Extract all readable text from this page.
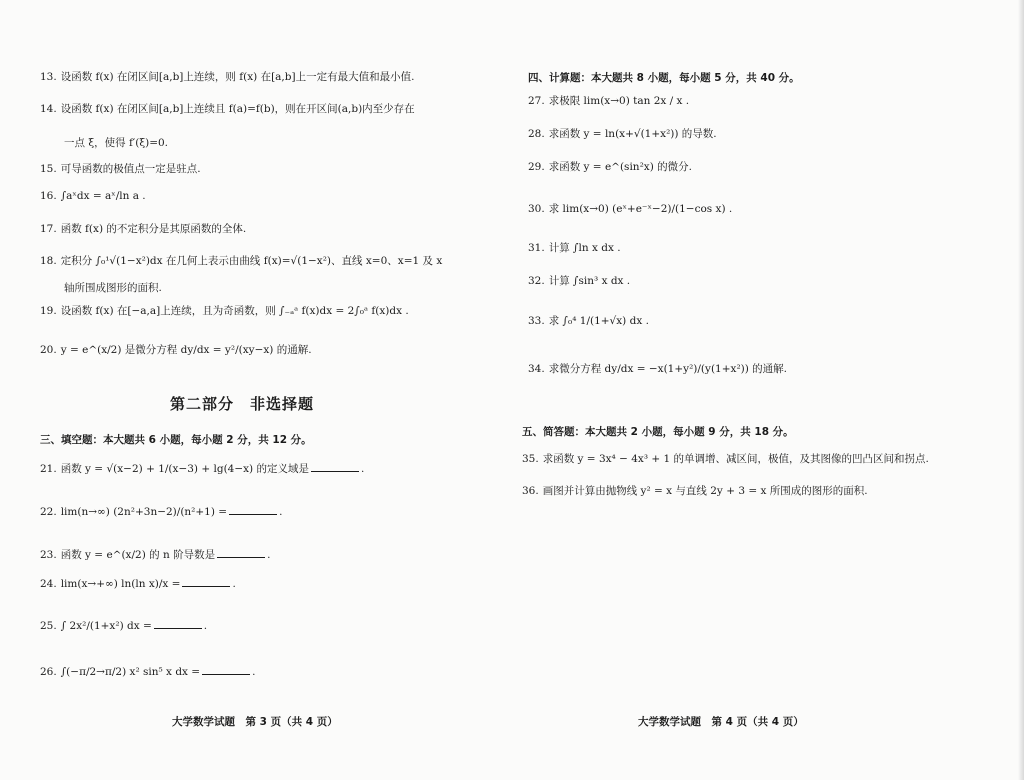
13. 设函数 f(x) 在闭区间[a,b]上连续，则 f(x) 在[a,b]上一定有最大值和最小值.
14. 设函数 f(x) 在闭区间[a,b]上连续且 f(a)=f(b)，则在开区间(a,b)内至少存在
一点 ξ，使得 f′(ξ)=0.
15. 可导函数的极值点一定是驻点.
16. ∫aˣdx = aˣ/ln a .
17. 函数 f(x) 的不定积分是其原函数的全体.
18. 定积分 ∫₀¹√(1−x²)dx 在几何上表示由曲线 f(x)=√(1−x²)、直线 x=0、x=1 及 x
轴所围成图形的面积.
19. 设函数 f(x) 在[−a,a]上连续，且为奇函数，则 ∫₋ₐᵃ f(x)dx = 2∫₀ᵃ f(x)dx .
20. y = e^(x/2) 是微分方程 dy/dx = y²/(xy−x) 的通解.
第二部分　非选择题
三、填空题：本大题共 6 小题，每小题 2 分，共 12 分。
21. 函数 y = √(x−2) + 1/(x−3) + lg(4−x) 的定义域是	.
22. lim(n→∞) (2n²+3n−2)/(n²+1) =	.
23. 函数 y = e^(x/2) 的 n 阶导数是	.
24. lim(x→+∞) ln(ln x)/x =	.
25. ∫ 2x²/(1+x²) dx =	.
26. ∫(−π/2→π/2) x² sin⁵ x dx =	.
大学数学试题　第 3 页（共 4 页）
四、计算题：本大题共 8 小题，每小题 5 分，共 40 分。
27. 求极限 lim(x→0) tan 2x / x .
28. 求函数 y = ln(x+√(1+x²)) 的导数.
29. 求函数 y = e^(sin²x) 的微分.
30. 求 lim(x→0) (eˣ+e⁻ˣ−2)/(1−cos x) .
31. 计算 ∫ln x dx .
32. 计算 ∫sin³ x dx .
33. 求 ∫₀⁴ 1/(1+√x) dx .
34. 求微分方程 dy/dx = −x(1+y²)/(y(1+x²)) 的通解.
五、简答题：本大题共 2 小题，每小题 9 分，共 18 分。
35. 求函数 y = 3x⁴ − 4x³ + 1 的单调增、减区间，极值，及其图像的凹凸区间和拐点.
36. 画图并计算由抛物线 y² = x 与直线 2y + 3 = x 所围成的图形的面积.
大学数学试题　第 4 页（共 4 页）
